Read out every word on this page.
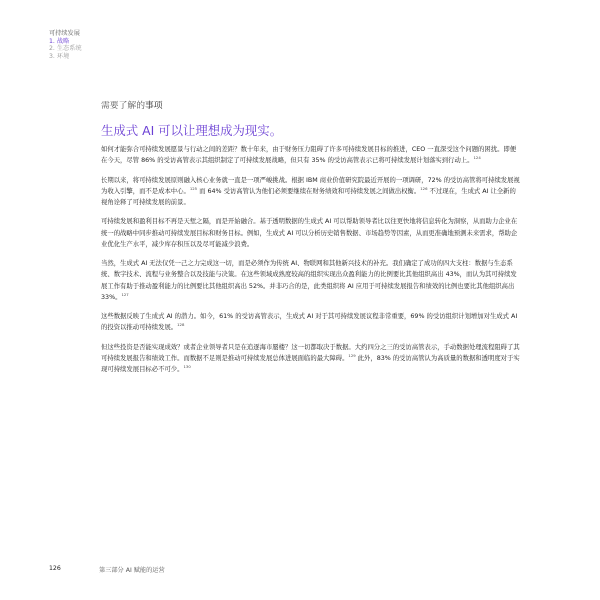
可持续发展
1. 战略
2. 生态系统
3. 环境
需要了解的事项
生成式 AI 可以让理想成为现实。

如何才能弥合可持续发展愿景与行动之间的差距？数十年来，由于财务压力阻碍了许多可持续发展目标的推进，CEO 一直深受这个问题的困扰。即便在今天，尽管 86% 的受访高管表示其组织制定了可持续发展战略，但只有 35% 的受访高管表示已将可持续发展计划落实到行动上。$^{124}$

长期以来，将可持续发展原则融入核心业务就一直是一项严峻挑战。根据 IBM 商业价值研究院最近开展的一项调研，72% 的受访高管将可持续发展视为收入引擎，而不是成本中心。$^{125}$ 而 64% 受访高管认为他们必须要继续在财务绩效和可持续发展之间做出权衡。$^{126}$ 不过现在，生成式 AI 让全新的视角诠释了可持续发展的前景。

可持续发展和盈利目标不再是天堑之隔，而是开始融合。基于透明数据的生成式 AI 可以帮助领导者比以往更快地将信息转化为洞察，从而助力企业在统一的战略中同步推动可持续发展目标和财务目标。例如，生成式 AI 可以分析历史销售数据、市场趋势等因素，从而更准确地预测未来需求，帮助企业优化生产水平，减少库存积压以及尽可能减少浪费。

当然，生成式 AI 无法仅凭一己之力完成这一切，而是必须作为传统 AI、物联网和其他新兴技术的补充。我们确定了成功的四大支柱：数据与生态系统、数字技术、流程与业务整合以及技能与决策。在这些领域成熟度较高的组织实现出众盈利能力的比例要比其他组织高出 43%，而认为其可持续发展工作有助于推动盈利能力的比例要比其他组织高出 52%。并非巧合的是，此类组织将 AI 应用于可持续发展报告和绩效的比例也要比其他组织高出 33%。$^{127}$

这些数据反映了生成式 AI 的潜力。如今，61% 的受访高管表示，生成式 AI 对于其可持续发展议程非常重要，69% 的受访组织计划增加对生成式 AI 的投资以推动可持续发展。$^{128}$

但这些投资是否能实现成效？或者企业领导者只是在追逐海市蜃楼？这一切都取决于数据。大约四分之三的受访高管表示，手动数据处理流程阻碍了其可持续发展报告和绩效工作。而数据不足则是推动可持续发展总体进展面临的最大障碍。$^{129}$ 此外，83% 的受访高管认为高质量的数据和透明度对于实现可持续发展目标必不可少。$^{130}$

126	第三部分 AI 赋能的运营
